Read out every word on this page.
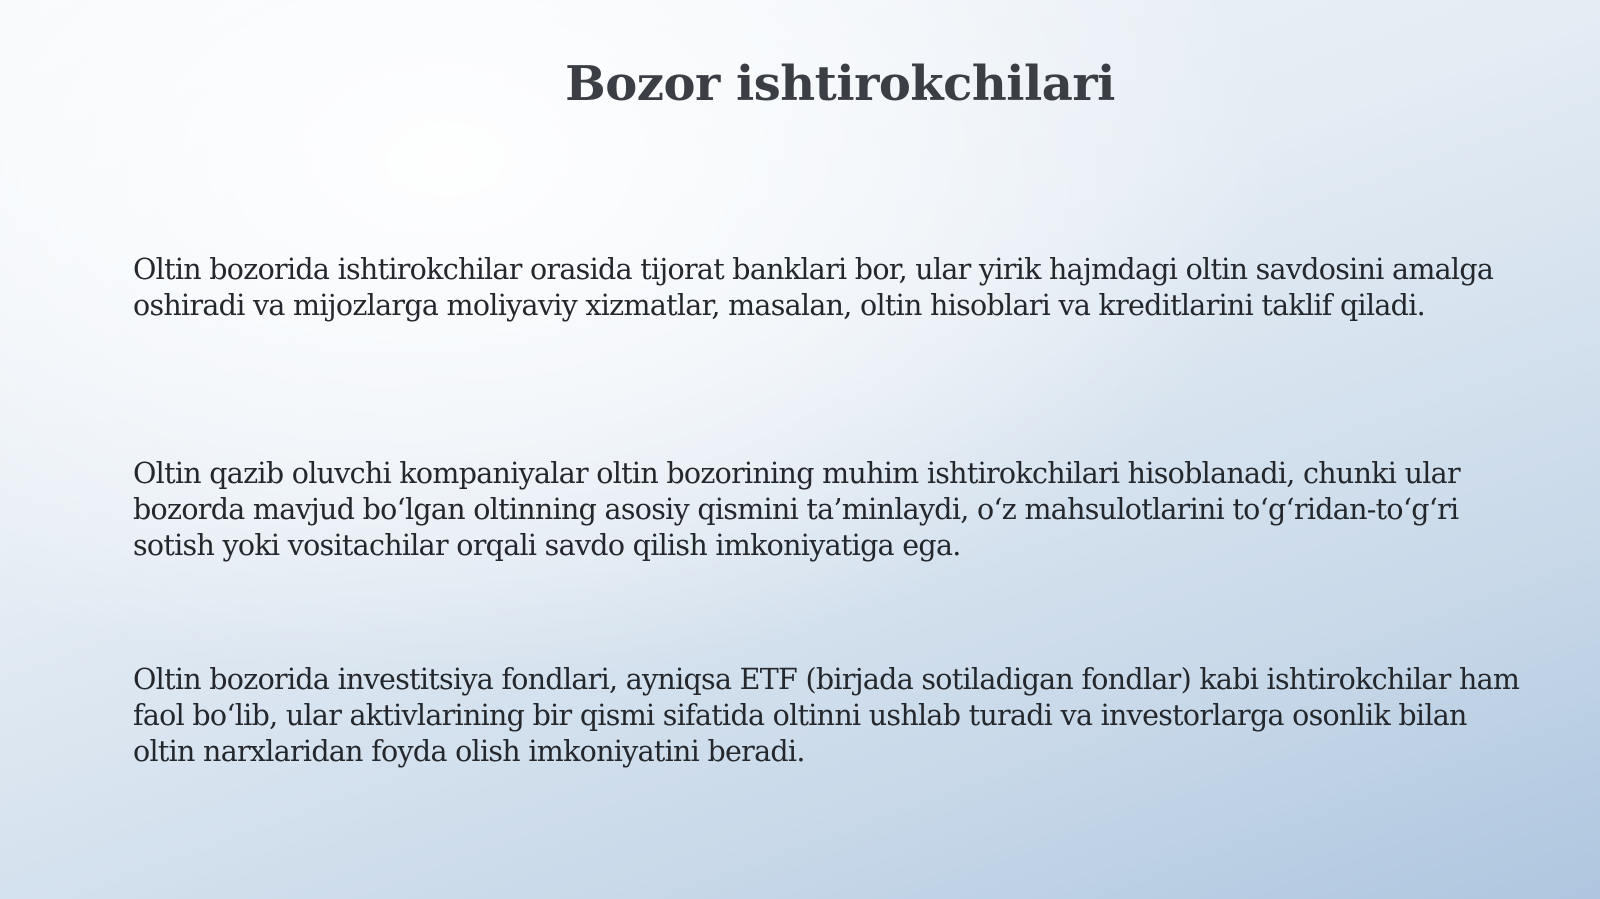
Bozor ishtirokchilari

Oltin bozorida ishtirokchilar orasida tijorat banklari bor, ular yirik hajmdagi oltin savdosini amalga oshiradi va mijozlarga moliyaviy xizmatlar, masalan, oltin hisoblari va kreditlarini taklif qiladi.

Oltin qazib oluvchi kompaniyalar oltin bozorining muhim ishtirokchilari hisoblanadi, chunki ular bozorda mavjud bo‘lgan oltinning asosiy qismini ta’minlaydi, o‘z mahsulotlarini to‘g‘ridan-to‘g‘ri sotish yoki vositachilar orqali savdo qilish imkoniyatiga ega.

Oltin bozorida investitsiya fondlari, ayniqsa ETF (birjada sotiladigan fondlar) kabi ishtirokchilar ham faol bo‘lib, ular aktivlarining bir qismi sifatida oltinni ushlab turadi va investorlarga osonlik bilan oltin narxlaridan foyda olish imkoniyatini beradi.
